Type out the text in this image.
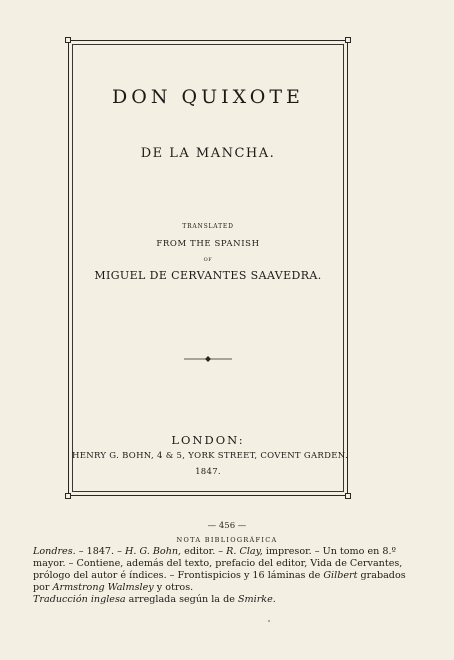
DON QUIXOTE
DE LA MANCHA.
TRANSLATED
FROM THE SPANISH
OF
MIGUEL DE CERVANTES SAAVEDRA.
LONDON:
HENRY G. BOHN, 4 & 5, YORK STREET, COVENT GARDEN.
1847.
— 456 —
NOTA BIBLIOGRÁFICA
Londres. – 1847. – H. G. Bohn, editor. – R. Clay, impresor. – Un tomo en 8.º
mayor. – Contiene, además del texto, prefacio del editor, Vida de Cervantes,
prólogo del autor é índices. – Frontispicios y 16 láminas de Gilbert grabados
por Armstrong Walmsley y otros.
Traducción inglesa arreglada según la de Smirke.
